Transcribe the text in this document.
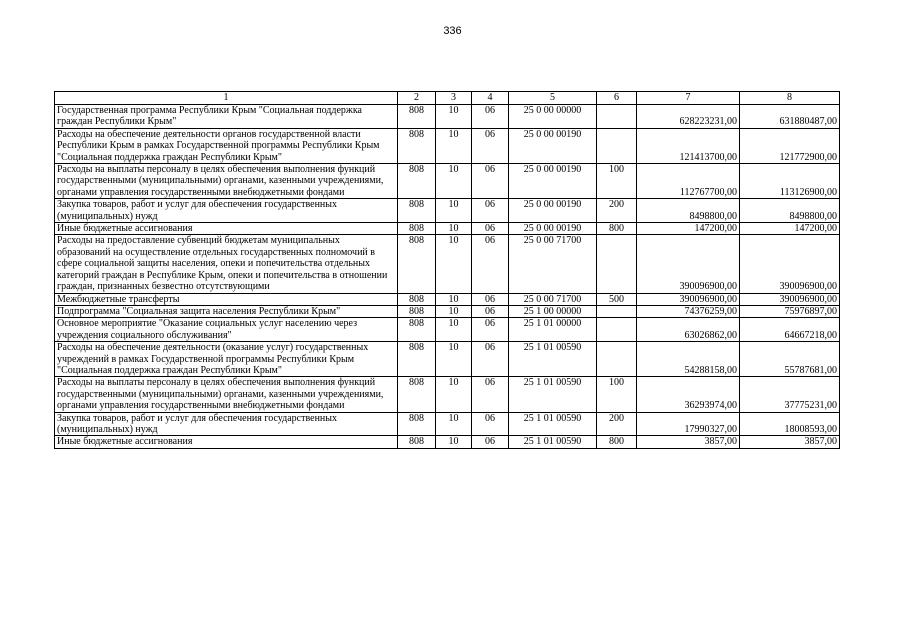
336
1	2	3	4	5	6	7	8
Государственная программа Республики Крым "Социальная поддержка граждан Республики Крым"	808	10	06	25 0 00 00000		628223231,00	631880487,00
Расходы на обеспечение деятельности органов государственной власти Республики Крым в рамках Государственной программы Республики Крым "Социальная поддержка граждан Республики Крым"	808	10	06	25 0 00 00190		121413700,00	121772900,00
Расходы на выплаты персоналу в целях обеспечения выполнения функций государственными (муниципальными) органами, казенными учреждениями, органами управления государственными внебюджетными фондами	808	10	06	25 0 00 00190	100	112767700,00	113126900,00
Закупка товаров, работ и услуг для обеспечения государственных (муниципальных) нужд	808	10	06	25 0 00 00190	200	8498800,00	8498800,00
Иные бюджетные ассигнования	808	10	06	25 0 00 00190	800	147200,00	147200,00
Расходы на предоставление субвенций бюджетам муниципальных образований на осуществление отдельных государственных полномочий в сфере социальной защиты населения, опеки и попечительства отдельных категорий граждан в Республике Крым, опеки и попечительства в отношении граждан, признанных безвестно отсутствующими	808	10	06	25 0 00 71700		390096900,00	390096900,00
Межбюджетные трансферты	808	10	06	25 0 00 71700	500	390096900,00	390096900,00
Подпрограмма "Социальная защита населения Республики Крым"	808	10	06	25 1 00 00000		74376259,00	75976897,00
Основное мероприятие "Оказание социальных услуг населению через учреждения социального обслуживания"	808	10	06	25 1 01 00000		63026862,00	64667218,00
Расходы на обеспечение деятельности (оказание услуг) государственных учреждений в рамках Государственной программы Республики Крым "Социальная поддержка граждан Республики Крым"	808	10	06	25 1 01 00590		54288158,00	55787681,00
Расходы на выплаты персоналу в целях обеспечения выполнения функций государственными (муниципальными) органами, казенными учреждениями, органами управления государственными внебюджетными фондами	808	10	06	25 1 01 00590	100	36293974,00	37775231,00
Закупка товаров, работ и услуг для обеспечения государственных (муниципальных) нужд	808	10	06	25 1 01 00590	200	17990327,00	18008593,00
Иные бюджетные ассигнования	808	10	06	25 1 01 00590	800	3857,00	3857,00
